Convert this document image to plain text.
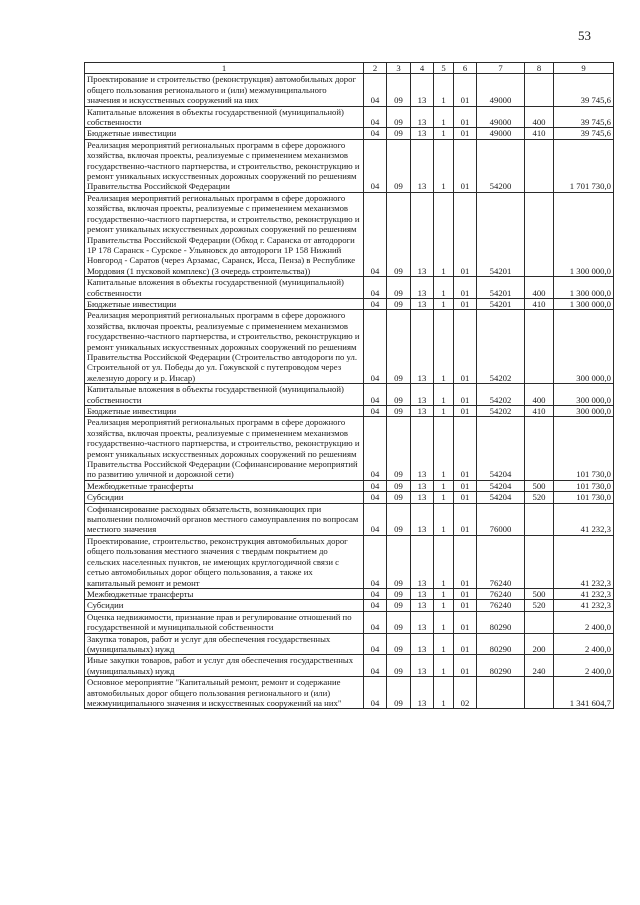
53
1	2	3	4	5	6	7	8	9
Проектирование и строительство (реконструкция) автомобильных дорог общего пользования регионального и (или) межмуниципального значения и искусственных сооружений на них	04	09	13	1	01	49000		39 745,6
Капитальные вложения в объекты государственной (муниципальной) собственности	04	09	13	1	01	49000	400	39 745,6
Бюджетные инвестиции	04	09	13	1	01	49000	410	39 745,6
Реализация мероприятий региональных программ в сфере дорожного хозяйства, включая проекты, реализуемые с применением механизмов государственно-частного партнерства, и строительство, реконструкцию и ремонт уникальных искусственных дорожных сооружений по решениям Правительства Российской Федерации	04	09	13	1	01	54200		1 701 730,0
Реализация мероприятий региональных программ в сфере дорожного хозяйства, включая проекты, реализуемые с применением механизмов государственно-частного партнерства, и строительство, реконструкцию и ремонт уникальных искусственных дорожных сооружений по решениям Правительства Российской Федерации (Обход г. Саранска от автодороги 1Р 178 Саранск - Сурское - Ульяновск до автодороги 1Р 158 Нижний Новгород - Саратов (через Арзамас, Саранск, Исса, Пенза) в Республике Мордовия (1 пусковой комплекс) (3 очередь строительства))	04	09	13	1	01	54201		1 300 000,0
Капитальные вложения в объекты государственной (муниципальной) собственности	04	09	13	1	01	54201	400	1 300 000,0
Бюджетные инвестиции	04	09	13	1	01	54201	410	1 300 000,0
Реализация мероприятий региональных программ в сфере дорожного хозяйства, включая проекты, реализуемые с применением механизмов государственно-частного партнерства, и строительство, реконструкцию и ремонт уникальных искусственных дорожных сооружений по решениям Правительства Российской Федерации (Строительство автодороги по ул. Строительной от ул. Победы до ул. Гожувской с путепроводом через железную дорогу и р. Инсар)	04	09	13	1	01	54202		300 000,0
Капитальные вложения в объекты государственной (муниципальной) собственности	04	09	13	1	01	54202	400	300 000,0
Бюджетные инвестиции	04	09	13	1	01	54202	410	300 000,0
Реализация мероприятий региональных программ в сфере дорожного хозяйства, включая проекты, реализуемые с применением механизмов государственно-частного партнерства, и строительство, реконструкцию и ремонт уникальных искусственных дорожных сооружений по решениям Правительства Российской Федерации (Софинансирование мероприятий по развитию уличной и дорожной сети)	04	09	13	1	01	54204		101 730,0
Межбюджетные трансферты	04	09	13	1	01	54204	500	101 730,0
Субсидии	04	09	13	1	01	54204	520	101 730,0
Софинансирование расходных обязательств, возникающих при выполнении полномочий органов местного самоуправления по вопросам местного значения	04	09	13	1	01	76000		41 232,3
Проектирование, строительство, реконструкция автомобильных дорог общего пользования местного значения с твердым покрытием до сельских населенных пунктов, не имеющих круглогодичной связи с сетью автомобильных дорог общего пользования, а также их капитальный ремонт и ремонт	04	09	13	1	01	76240		41 232,3
Межбюджетные трансферты	04	09	13	1	01	76240	500	41 232,3
Субсидии	04	09	13	1	01	76240	520	41 232,3
Оценка недвижимости, признание прав и регулирование отношений по государственной и муниципальной собственности	04	09	13	1	01	80290		2 400,0
Закупка товаров, работ и услуг для обеспечения государственных (муниципальных) нужд	04	09	13	1	01	80290	200	2 400,0
Иные закупки товаров, работ и услуг для обеспечения государственных (муниципальных) нужд	04	09	13	1	01	80290	240	2 400,0
Основное мероприятие "Капитальный ремонт, ремонт и содержание автомобильных дорог общего пользования регионального и (или) межмуниципального значения и искусственных сооружений на них"	04	09	13	1	02			1 341 604,7
